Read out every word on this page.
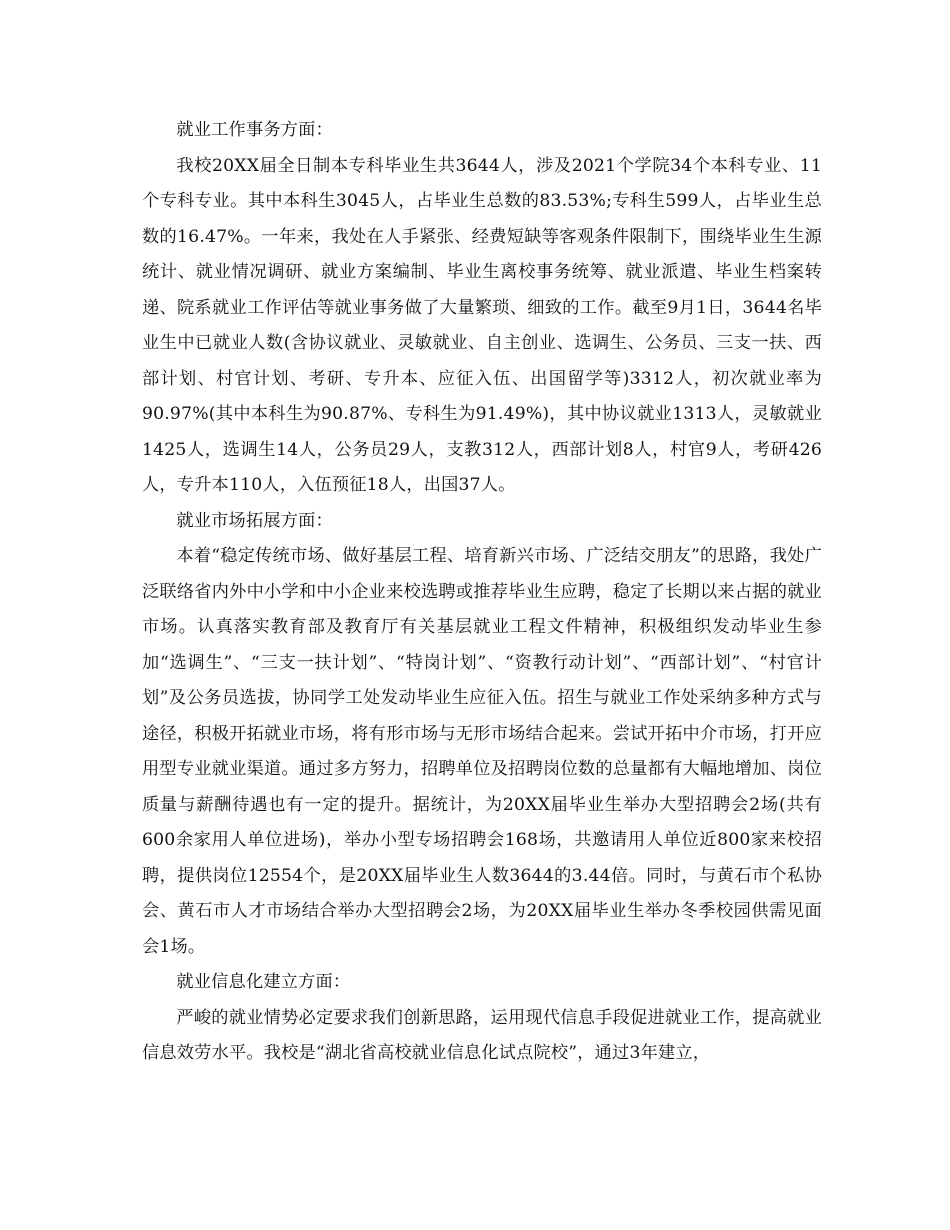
就业工作事务方面：

我校20XX届全日制本专科毕业生共3644人，涉及2021个学院34个本科专业、11个专科专业。其中本科生3045人，占毕业生总数的83.53%;专科生599人，占毕业生总数的16.47%。一年来，我处在人手紧张、经费短缺等客观条件限制下，围绕毕业生生源统计、就业情况调研、就业方案编制、毕业生离校事务统筹、就业派遣、毕业生档案转递、院系就业工作评估等就业事务做了大量繁琐、细致的工作。截至9月1日，3644名毕业生中已就业人数(含协议就业、灵敏就业、自主创业、选调生、公务员、三支一扶、西部计划、村官计划、考研、专升本、应征入伍、出国留学等)3312人，初次就业率为90.97%(其中本科生为90.87%、专科生为91.49%)，其中协议就业1313人，灵敏就业1425人，选调生14人，公务员29人，支教312人，西部计划8人，村官9人，考研426人，专升本110人，入伍预征18人，出国37人。

就业市场拓展方面：

本着“稳定传统市场、做好基层工程、培育新兴市场、广泛结交朋友”的思路，我处广泛联络省内外中小学和中小企业来校选聘或推荐毕业生应聘，稳定了长期以来占据的就业市场。认真落实教育部及教育厅有关基层就业工程文件精神，积极组织发动毕业生参加“选调生”、“三支一扶计划”、“特岗计划”、“资教行动计划”、“西部计划”、“村官计划”及公务员选拔，协同学工处发动毕业生应征入伍。招生与就业工作处采纳多种方式与途径，积极开拓就业市场，将有形市场与无形市场结合起来。尝试开拓中介市场，打开应用型专业就业渠道。通过多方努力，招聘单位及招聘岗位数的总量都有大幅地增加、岗位质量与薪酬待遇也有一定的提升。据统计，为20XX届毕业生举办大型招聘会2场(共有600余家用人单位进场)，举办小型专场招聘会168场，共邀请用人单位近800家来校招聘，提供岗位12554个，是20XX届毕业生人数3644的3.44倍。同时，与黄石市个私协会、黄石市人才市场结合举办大型招聘会2场，为20XX届毕业生举办冬季校园供需见面会1场。

就业信息化建立方面：

严峻的就业情势必定要求我们创新思路，运用现代信息手段促进就业工作，提高就业信息效劳水平。我校是“湖北省高校就业信息化试点院校”，通过3年建立，
